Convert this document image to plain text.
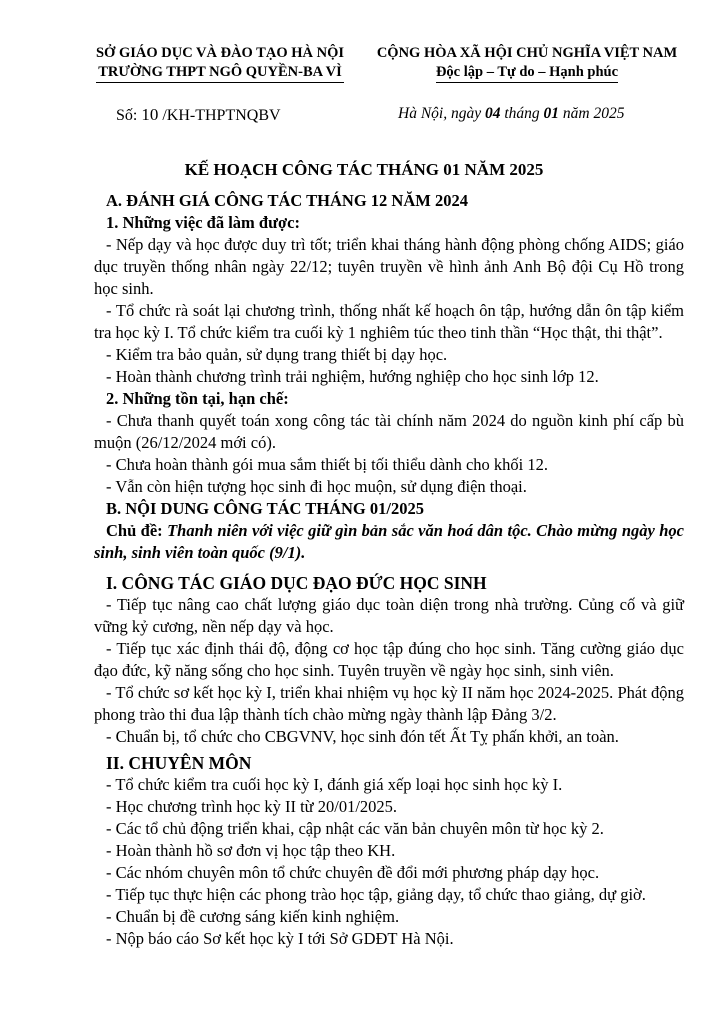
SỞ GIÁO DỤC VÀ ĐÀO TẠO HÀ NỘI
TRƯỜNG THPT NGÔ QUYỀN-BA VÌ
CỘNG HÒA XÃ HỘI CHỦ NGHĨA VIỆT NAM
Độc lập – Tự do – Hạnh phúc
Số: 10 /KH-THPTNQBV	Hà Nội, ngày 04 tháng 01 năm 2025
KẾ HOẠCH CÔNG TÁC THÁNG 01 NĂM 2025

A. ĐÁNH GIÁ CÔNG TÁC THÁNG 12 NĂM 2024

1. Những việc đã làm được:

- Nếp dạy và học được duy trì tốt; triển khai tháng hành động phòng chống AIDS; giáo dục truyền thống nhân ngày 22/12; tuyên truyền về hình ảnh Anh Bộ đội Cụ Hồ trong học sinh.

- Tổ chức rà soát lại chương trình, thống nhất kế hoạch ôn tập, hướng dẫn ôn tập kiểm tra học kỳ I. Tổ chức kiểm tra cuối kỳ 1 nghiêm túc theo tinh thần “Học thật, thi thật”.

- Kiểm tra bảo quản, sử dụng trang thiết bị dạy học.

- Hoàn thành chương trình trải nghiệm, hướng nghiệp cho học sinh lớp 12.

2. Những tồn tại, hạn chế:

- Chưa thanh quyết toán xong công tác tài chính năm 2024 do nguồn kinh phí cấp bù muộn (26/12/2024 mới có).

- Chưa hoàn thành gói mua sắm thiết bị tối thiểu dành cho khối 12.

- Vẫn còn hiện tượng học sinh đi học muộn, sử dụng điện thoại.

B. NỘI DUNG CÔNG TÁC THÁNG 01/2025

Chủ đề: Thanh niên với việc giữ gìn bản sắc văn hoá dân tộc. Chào mừng ngày học sinh, sinh viên toàn quốc (9/1).

I. CÔNG TÁC GIÁO DỤC ĐẠO ĐỨC HỌC SINH

- Tiếp tục nâng cao chất lượng giáo dục toàn diện trong nhà trường. Củng cố và giữ vững kỷ cương, nền nếp dạy và học.

- Tiếp tục xác định thái độ, động cơ học tập đúng cho học sinh. Tăng cường giáo dục đạo đức, kỹ năng sống cho học sinh. Tuyên truyền về ngày học sinh, sinh viên.

- Tổ chức sơ kết học kỳ I, triển khai nhiệm vụ học kỳ II năm học 2024-2025. Phát động phong trào thi đua lập thành tích chào mừng ngày thành lập Đảng 3/2.

- Chuẩn bị, tổ chức cho CBGVNV, học sinh đón tết Ất Tỵ phấn khởi, an toàn.

II. CHUYÊN MÔN

- Tổ chức kiểm tra cuối học kỳ I, đánh giá xếp loại học sinh học kỳ I.

- Học chương trình học kỳ II từ 20/01/2025.

- Các tổ chủ động triển khai, cập nhật các văn bản chuyên môn từ học kỳ 2.

- Hoàn thành hồ sơ đơn vị học tập theo KH.

- Các nhóm chuyên môn tổ chức chuyên đề đổi mới phương pháp dạy học.

- Tiếp tục thực hiện các phong trào học tập, giảng dạy, tổ chức thao giảng, dự giờ.

- Chuẩn bị đề cương sáng kiến kinh nghiệm.

- Nộp báo cáo Sơ kết học kỳ I tới Sở GDĐT Hà Nội.
